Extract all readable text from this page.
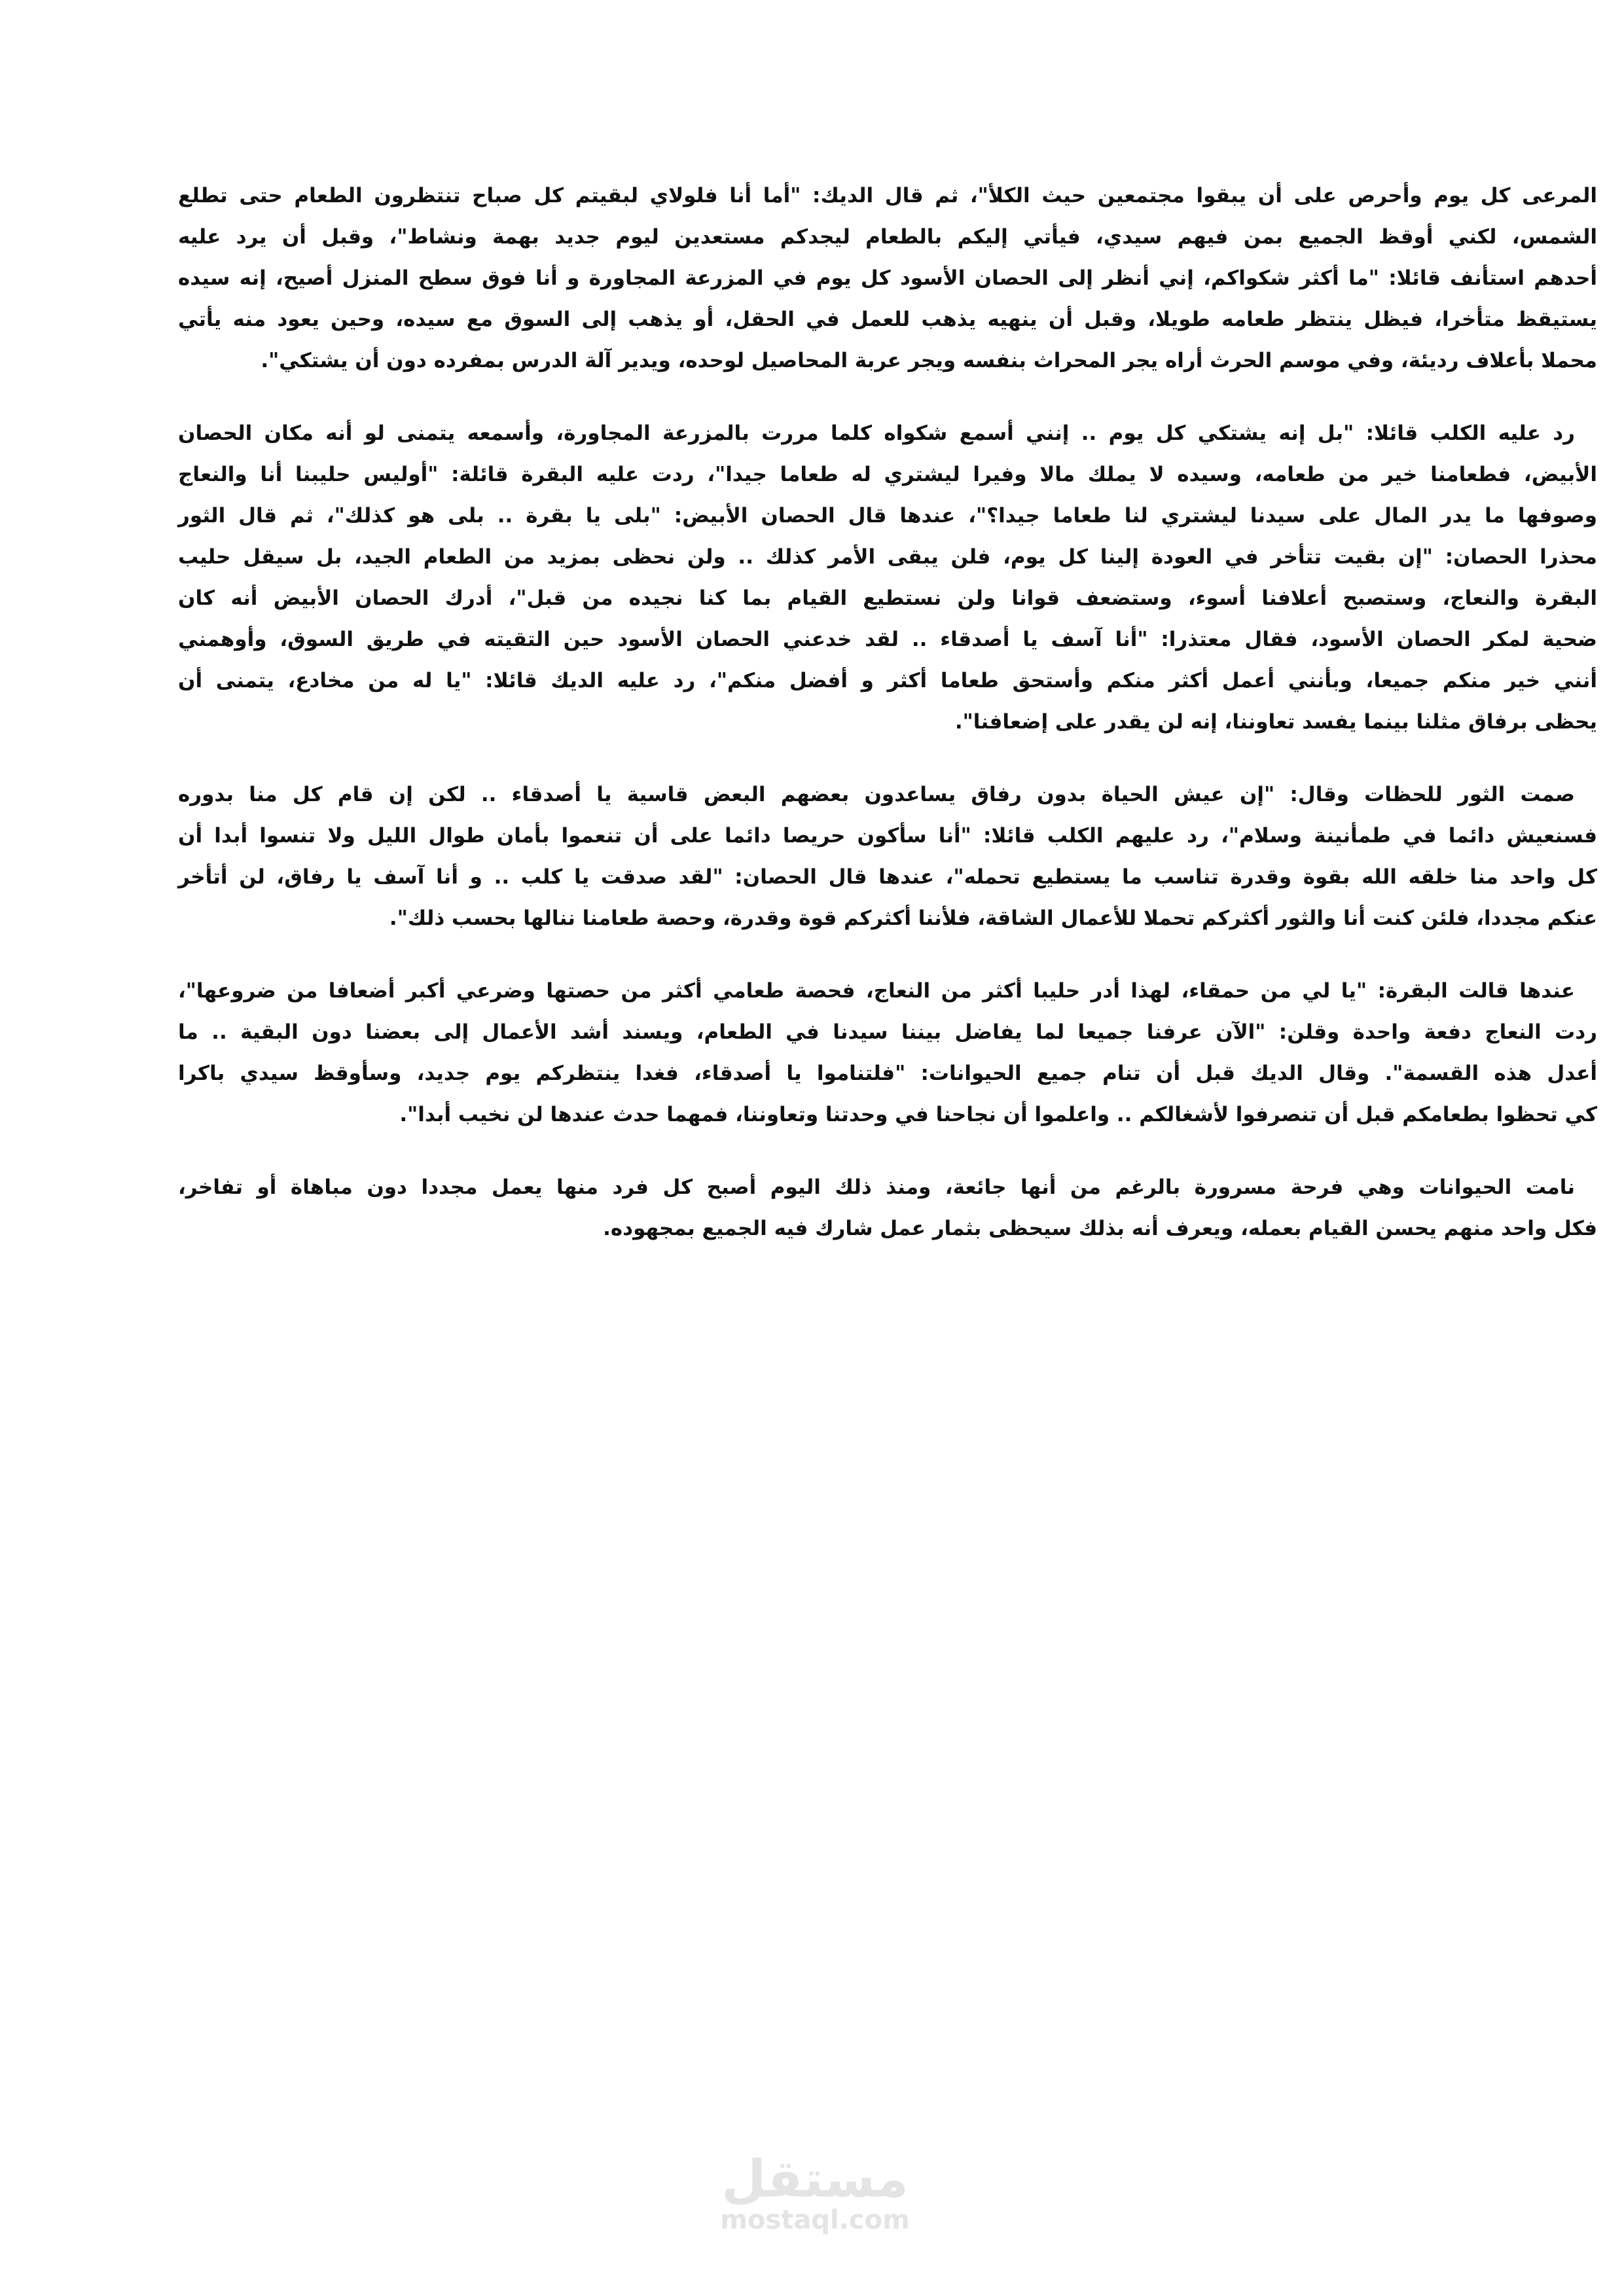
المرعى كل يوم وأحرص على أن يبقوا مجتمعين حيث الكلأ"، ثم قال الديك: "أما أنا فلولاي لبقيتم كل صباح تنتظرون الطعام حتى تطلع
الشمس، لكني أوقظ الجميع بمن فيهم سيدي، فيأتي إليكم بالطعام ليجدكم مستعدين ليوم جديد بهمة ونشاط"، وقبل أن يرد عليه
أحدهم استأنف قائلا: "ما أكثر شكواكم، إني أنظر إلى الحصان الأسود كل يوم في المزرعة المجاورة و أنا فوق سطح المنزل أصيح، إنه سيده
يستيقظ متأخرا، فيظل ينتظر طعامه طويلا، وقبل أن ينهيه يذهب للعمل في الحقل، أو يذهب إلى السوق مع سيده، وحين يعود منه يأتي
محملا بأعلاف رديئة، وفي موسم الحرث أراه يجر المحراث بنفسه ويجر عربة المحاصيل لوحده، ويدير آلة الدرس بمفرده دون أن يشتكي".
رد عليه الكلب قائلا: "بل إنه يشتكي كل يوم .. إنني أسمع شكواه كلما مررت بالمزرعة المجاورة، وأسمعه يتمنى لو أنه مكان الحصان
الأبيض، فطعامنا خير من طعامه، وسيده لا يملك مالا وفيرا ليشتري له طعاما جيدا"، ردت عليه البقرة قائلة: "أوليس حليبنا أنا والنعاج
وصوفها ما يدر المال على سيدنا ليشتري لنا طعاما جيدا؟"، عندها قال الحصان الأبيض: "بلى يا بقرة .. بلى هو كذلك"، ثم قال الثور
محذرا الحصان: "إن بقيت تتأخر في العودة إلينا كل يوم، فلن يبقى الأمر كذلك .. ولن نحظى بمزيد من الطعام الجيد، بل سيقل حليب
البقرة والنعاج، وستصبح أعلافنا أسوء، وستضعف قوانا ولن نستطيع القيام بما كنا نجيده من قبل"، أدرك الحصان الأبيض أنه كان
ضحية لمكر الحصان الأسود، فقال معتذرا: "أنا آسف يا أصدقاء .. لقد خدعني الحصان الأسود حين التقيته في طريق السوق، وأوهمني
أنني خير منكم جميعا، وبأنني أعمل أكثر منكم وأستحق طعاما أكثر و أفضل منكم"، رد عليه الديك قائلا: "يا له من مخادع، يتمنى أن
يحظى برفاق مثلنا بينما يفسد تعاوننا، إنه لن يقدر على إضعافنا".
صمت الثور للحظات وقال: "إن عيش الحياة بدون رفاق يساعدون بعضهم البعض قاسية يا أصدقاء .. لكن إن قام كل منا بدوره
فسنعيش دائما في طمأنينة وسلام"، رد عليهم الكلب قائلا: "أنا سأكون حريصا دائما على أن تنعموا بأمان طوال الليل ولا تنسوا أبدا أن
كل واحد منا خلقه الله بقوة وقدرة تناسب ما يستطيع تحمله"، عندها قال الحصان: "لقد صدقت يا كلب .. و أنا آسف يا رفاق، لن أتأخر
عنكم مجددا، فلئن كنت أنا والثور أكثركم تحملا للأعمال الشاقة، فلأننا أكثركم قوة وقدرة، وحصة طعامنا ننالها بحسب ذلك".
عندها قالت البقرة: "يا لي من حمقاء، لهذا أدر حليبا أكثر من النعاج، فحصة طعامي أكثر من حصتها وضرعي أكبر أضعافا من ضروعها"،
ردت النعاج دفعة واحدة وقلن: "الآن عرفنا جميعا لما يفاضل بيننا سيدنا في الطعام، ويسند أشد الأعمال إلى بعضنا دون البقية .. ما
أعدل هذه القسمة". وقال الديك قبل أن تنام جميع الحيوانات: "فلتناموا يا أصدقاء، فغدا ينتظركم يوم جديد، وسأوقظ سيدي باكرا
كي تحظوا بطعامكم قبل أن تنصرفوا لأشغالكم .. واعلموا أن نجاحنا في وحدتنا وتعاوننا، فمهما حدث عندها لن نخيب أبدا".
نامت الحيوانات وهي فرحة مسرورة بالرغم من أنها جائعة، ومنذ ذلك اليوم أصبح كل فرد منها يعمل مجددا دون مباهاة أو تفاخر،
فكل واحد منهم يحسن القيام بعمله، ويعرف أنه بذلك سيحظى بثمار عمل شارك فيه الجميع بمجهوده.
مستقل
mostaql.com
